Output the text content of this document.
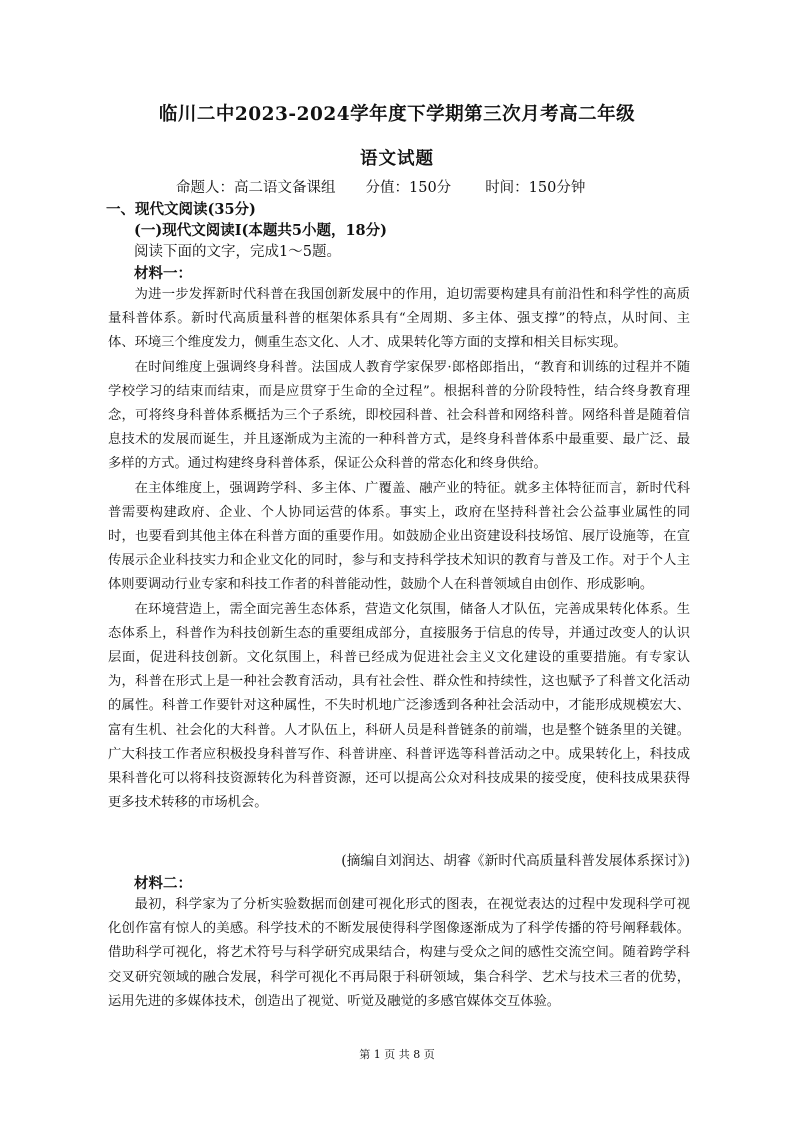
临川二中2023-2024学年度下学期第三次月考高二年级
语文试题
命题人：高二语文备课组 分值：150分 时间：150分钟
一、现代文阅读(35分)
(一)现代文阅读Ⅰ(本题共5小题，18分)
阅读下面的文字，完成1～5题。
材料一：

为进一步发挥新时代科普在我国创新发展中的作用，迫切需要构建具有前沿性和科学性的高质量科普体系。新时代高质量科普的框架体系具有“全周期、多主体、强支撑”的特点，从时间、主体、环境三个维度发力，侧重生态文化、人才、成果转化等方面的支撑和相关目标实现。

在时间维度上强调终身科普。法国成人教育学家保罗·郎格郎指出，“教育和训练的过程并不随学校学习的结束而结束，而是应贯穿于生命的全过程”。根据科普的分阶段特性，结合终身教育理念，可将终身科普体系概括为三个子系统，即校园科普、社会科普和网络科普。网络科普是随着信息技术的发展而诞生，并且逐渐成为主流的一种科普方式，是终身科普体系中最重要、最广泛、最多样的方式。通过构建终身科普体系，保证公众科普的常态化和终身供给。

在主体维度上，强调跨学科、多主体、广覆盖、融产业的特征。就多主体特征而言，新时代科普需要构建政府、企业、个人协同运营的体系。事实上，政府在坚持科普社会公益事业属性的同时，也要看到其他主体在科普方面的重要作用。如鼓励企业出资建设科技场馆、展厅设施等，在宣传展示企业科技实力和企业文化的同时，参与和支持科学技术知识的教育与普及工作。对于个人主体则要调动行业专家和科技工作者的科普能动性，鼓励个人在科普领域自由创作、形成影响。

在环境营造上，需全面完善生态体系，营造文化氛围，储备人才队伍，完善成果转化体系。生态体系上，科普作为科技创新生态的重要组成部分，直接服务于信息的传导，并通过改变人的认识层面，促进科技创新。文化氛围上，科普已经成为促进社会主义文化建设的重要措施。有专家认为，科普在形式上是一种社会教育活动，具有社会性、群众性和持续性，这也赋予了科普文化活动的属性。科普工作要针对这种属性，不失时机地广泛渗透到各种社会活动中，才能形成规模宏大、富有生机、社会化的大科普。人才队伍上，科研人员是科普链条的前端，也是整个链条里的关键。广大科技工作者应积极投身科普写作、科普讲座、科普评选等科普活动之中。成果转化上，科技成果科普化可以将科技资源转化为科普资源，还可以提高公众对科技成果的接受度，使科技成果获得更多技术转移的市场机会。

(摘编自刘润达、胡睿《新时代高质量科普发展体系探讨》)
材料二：

最初，科学家为了分析实验数据而创建可视化形式的图表，在视觉表达的过程中发现科学可视化创作富有惊人的美感。科学技术的不断发展使得科学图像逐渐成为了科学传播的符号阐释载体。借助科学可视化，将艺术符号与科学研究成果结合，构建与受众之间的感性交流空间。随着跨学科交叉研究领域的融合发展，科学可视化不再局限于科研领域，集合科学、艺术与技术三者的优势，运用先进的多媒体技术，创造出了视觉、听觉及融觉的多感官媒体交互体验。

第 1 页 共 8 页
